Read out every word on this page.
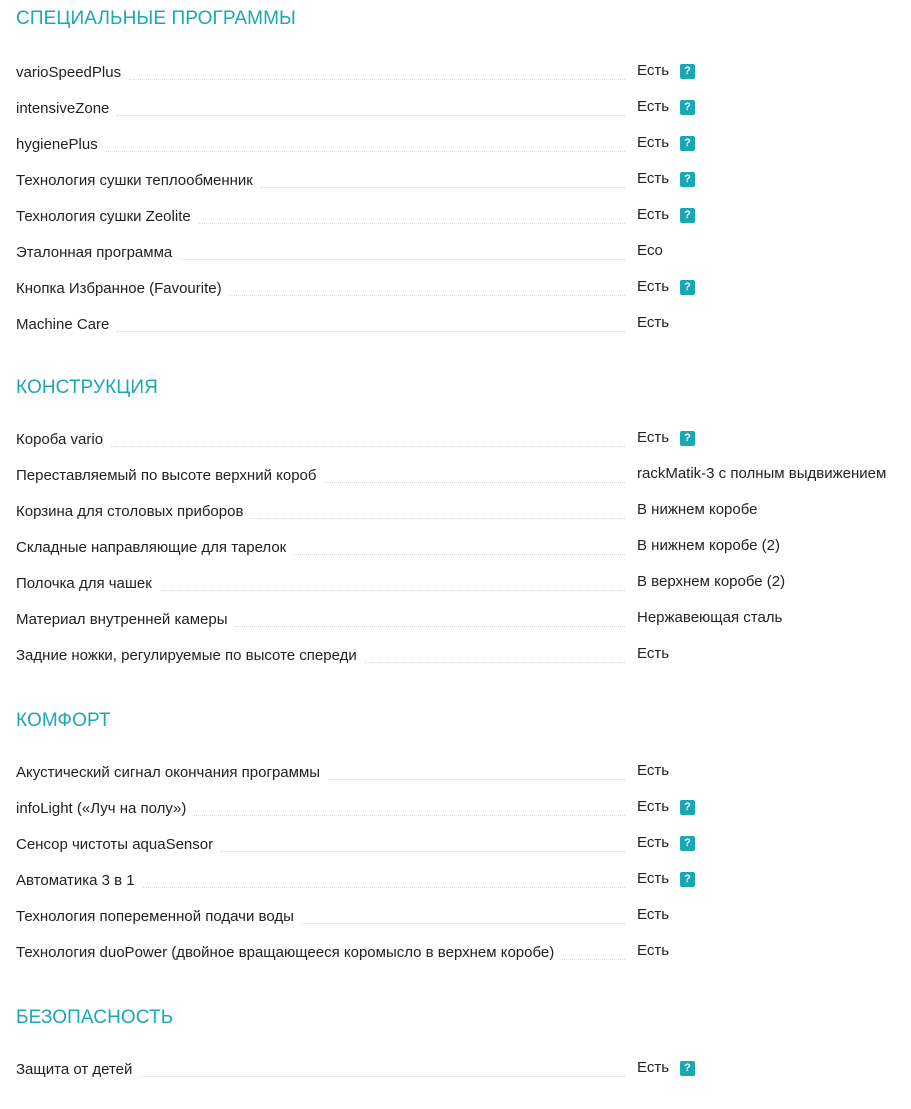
СПЕЦИАЛЬНЫЕ ПРОГРАММЫ
varioSpeedPlus	Есть	?
intensiveZone	Есть	?
hygienePlus	Есть	?
Технология сушки теплообменник	Есть	?
Технология сушки Zeolite	Есть	?
Эталонная программа	Eco
Кнопка Избранное (Favourite)	Есть	?
Machine Care	Есть
КОНСТРУКЦИЯ
Короба vario	Есть	?
Переставляемый по высоте верхний короб	rackMatik-3 с полным выдвижением
Корзина для столовых приборов	В нижнем коробе
Складные направляющие для тарелок	В нижнем коробе (2)
Полочка для чашек	В верхнем коробе (2)
Материал внутренней камеры	Нержавеющая сталь
Задние ножки, регулируемые по высоте спереди	Есть
КОМФОРТ
Акустический сигнал окончания программы	Есть
infoLight («Луч на полу»)	Есть	?
Сенсор чистоты aquaSensor	Есть	?
Автоматика 3 в 1	Есть	?
Технология попеременной подачи воды	Есть
Технология duoPower (двойное вращающееся коромысло в верхнем коробе)	Есть
БЕЗОПАСНОСТЬ
Защита от детей	Есть	?
